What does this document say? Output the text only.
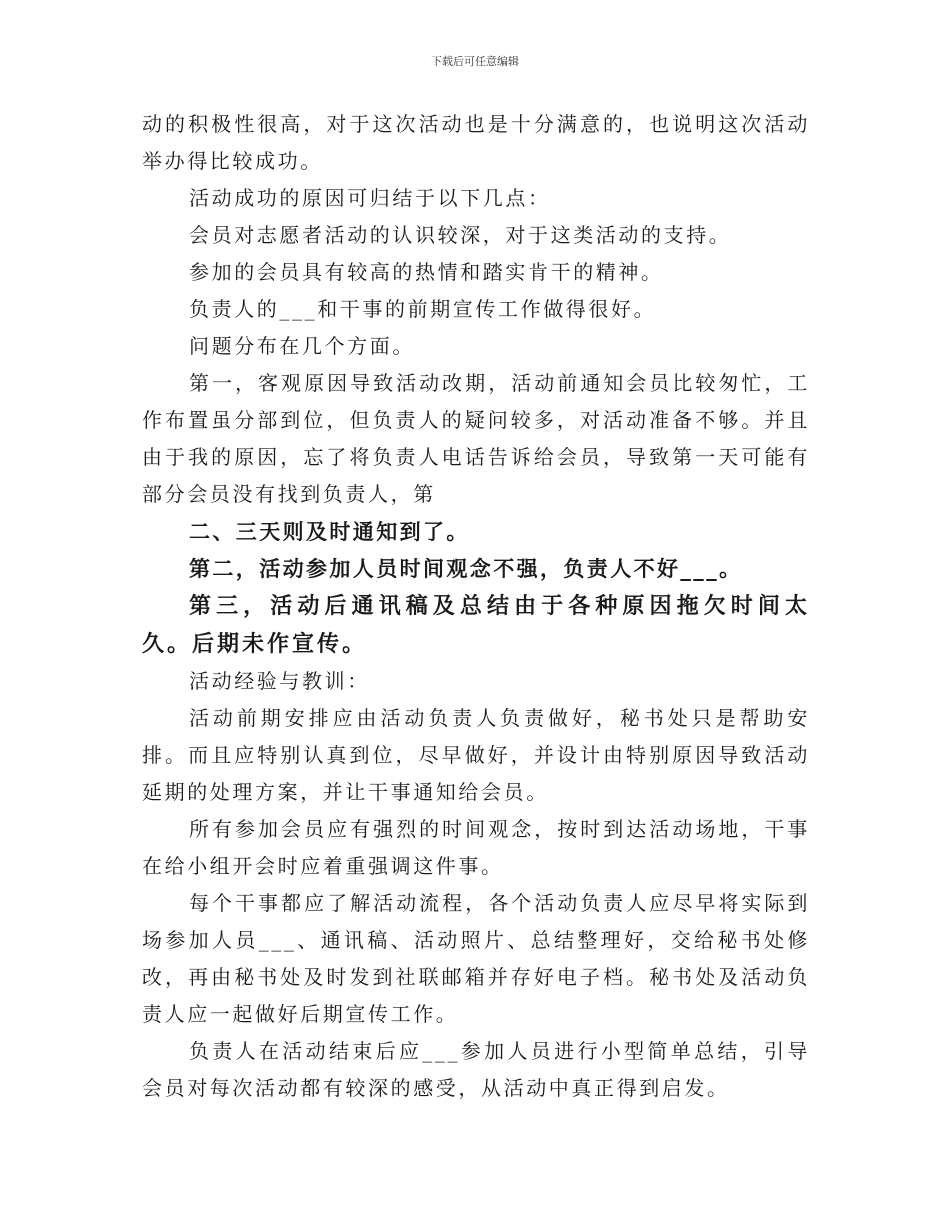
下载后可任意编辑

动的积极性很高，对于这次活动也是十分满意的，也说明这次活动举办得比较成功。

活动成功的原因可归结于以下几点：

会员对志愿者活动的认识较深，对于这类活动的支持。

参加的会员具有较高的热情和踏实肯干的精神。

负责人的___和干事的前期宣传工作做得很好。

问题分布在几个方面。

第一，客观原因导致活动改期，活动前通知会员比较匆忙，工作布置虽分部到位，但负责人的疑问较多，对活动准备不够。并且由于我的原因，忘了将负责人电话告诉给会员，导致第一天可能有部分会员没有找到负责人，第

二、三天则及时通知到了。

第二，活动参加人员时间观念不强，负责人不好___。

第三，活动后通讯稿及总结由于各种原因拖欠时间太久。后期未作宣传。

活动经验与教训：

活动前期安排应由活动负责人负责做好，秘书处只是帮助安排。而且应特别认真到位，尽早做好，并设计由特别原因导致活动延期的处理方案，并让干事通知给会员。

所有参加会员应有强烈的时间观念，按时到达活动场地，干事在给小组开会时应着重强调这件事。

每个干事都应了解活动流程，各个活动负责人应尽早将实际到场参加人员___、通讯稿、活动照片、总结整理好，交给秘书处修改，再由秘书处及时发到社联邮箱并存好电子档。秘书处及活动负责人应一起做好后期宣传工作。

负责人在活动结束后应___参加人员进行小型简单总结，引导会员对每次活动都有较深的感受，从活动中真正得到启发。
